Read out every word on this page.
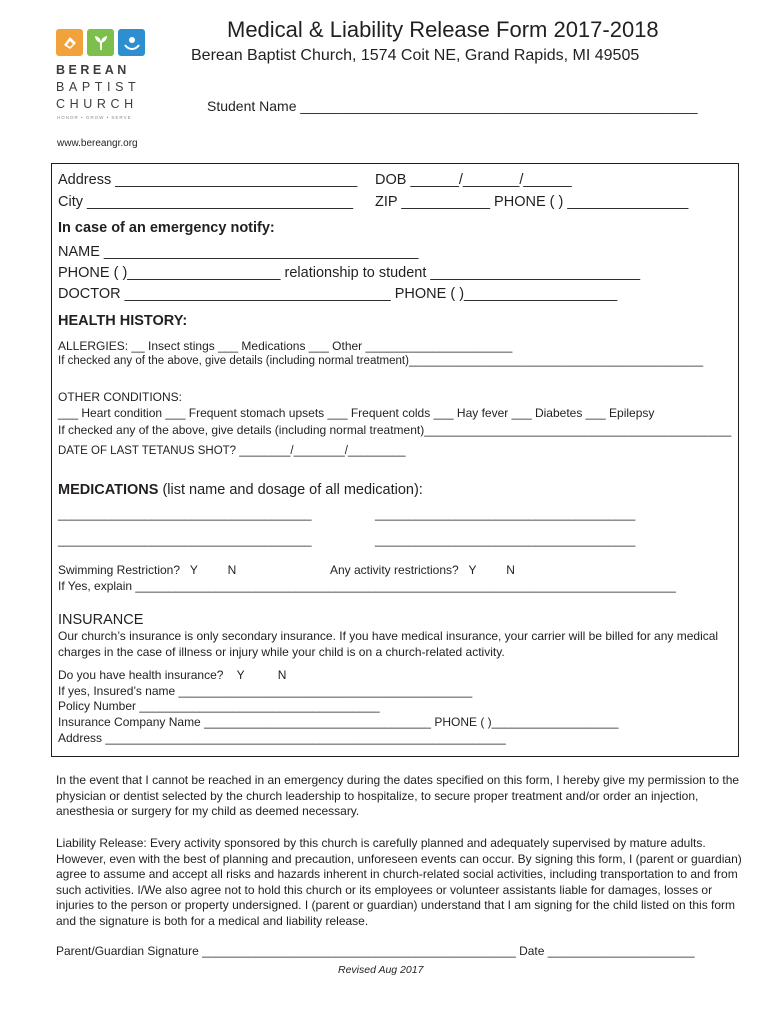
BEREAN
BAPTIST
CHURCH
HONOR • GROW • SERVE
Medical & Liability Release Form 2017-2018
Berean Baptist Church, 1574 Coit NE, Grand Rapids, MI 49505
Student Name ___________________________________________________
www.bereangr.org
Address ______________________________ DOB ______/_______/______
City _________________________________ ZIP ___________ PHONE ( ) _______________
In case of an emergency notify:
NAME _______________________________________
PHONE ( )___________________ relationship to student __________________________
DOCTOR _________________________________ PHONE ( )___________________
HEALTH HISTORY:
ALLERGIES: __ Insect stings ___ Medications ___ Other ______________________
If checked any of the above, give details (including normal treatment)______________________________________________
OTHER CONDITIONS:
___ Heart condition ___ Frequent stomach upsets ___ Frequent colds ___ Hay fever ___ Diabetes ___ Epilepsy
If checked any of the above, give details (including normal treatment)______________________________________________
DATE OF LAST TETANUS SHOT? ________/________/_________
MEDICATIONS (list name and dosage of all medication):
______________________________________	_______________________________________
______________________________________	_______________________________________
Swimming Restriction?   Y         N	Any activity restrictions?   Y         N
If Yes, explain _________________________________________________________________________________
INSURANCE
Our church’s insurance is only secondary insurance. If you have medical insurance, your carrier will be billed for any medical charges in the case of illness or injury while your child is on a church-related activity.
Do you have health insurance?    Y          N
If yes, Insured’s name ____________________________________________
Policy Number ____________________________________
Insurance Company Name __________________________________ PHONE ( )___________________
Address ____________________________________________________________
In the event that I cannot be reached in an emergency during the dates specified on this form, I hereby give my permission to the physician or dentist selected by the church leadership to hospitalize, to secure proper treatment and/or order an injection, anesthesia or surgery for my child as deemed necessary.
Liability Release: Every activity sponsored by this church is carefully planned and adequately supervised by mature adults. However, even with the best of planning and precaution, unforeseen events can occur. By signing this form, I (parent or guardian) agree to assume and accept all risks and hazards inherent in church-related social activities, including transportation to and from such activities. I/We also agree not to hold this church or its employees or volunteer assistants liable for damages, losses or injuries to the person or property undersigned. I (parent or guardian) understand that I am signing for the child listed on this form and the signature is both for a medical and liability release.
Parent/Guardian Signature _______________________________________________ Date ______________________
Revised Aug 2017
